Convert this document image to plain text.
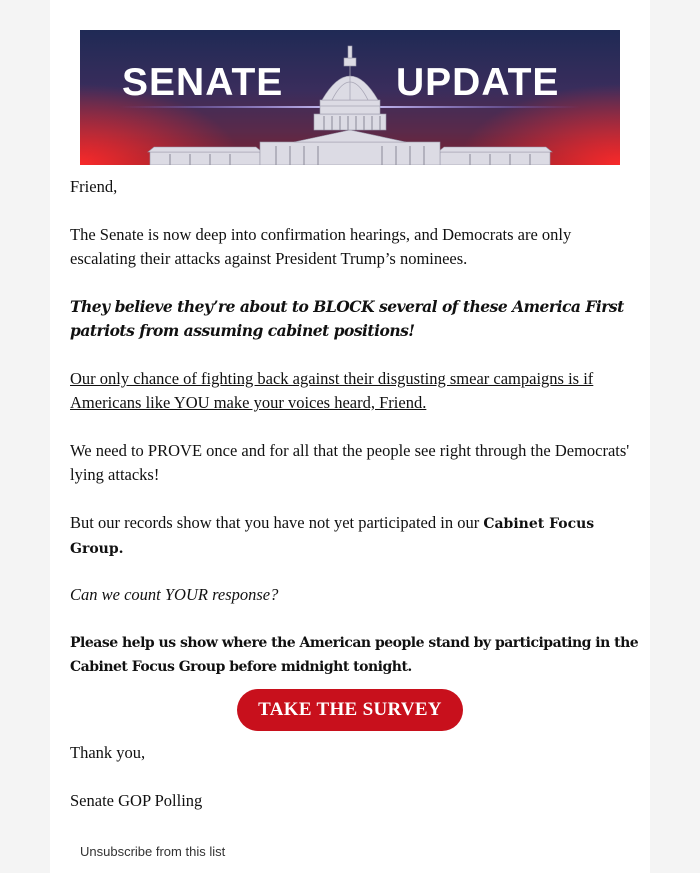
SENATE	UPDATE

Friend,

The Senate is now deep into confirmation hearings, and Democrats are only escalating their attacks against President Trump’s nominees.

They believe they’re about to BLOCK several of these America First patriots from assuming cabinet positions!

Our only chance of fighting back against their disgusting smear campaigns is if Americans like YOU make your voices heard, Friend.

We need to PROVE once and for all that the people see right through the Democrats' lying attacks!

But our records show that you have not yet participated in our Cabinet Focus Group.

Can we count YOUR response?

Please help us show where the American people stand by participating in the Cabinet Focus Group before midnight tonight.

TAKE THE SURVEY

Thank you,

Senate GOP Polling

Unsubscribe from this list
